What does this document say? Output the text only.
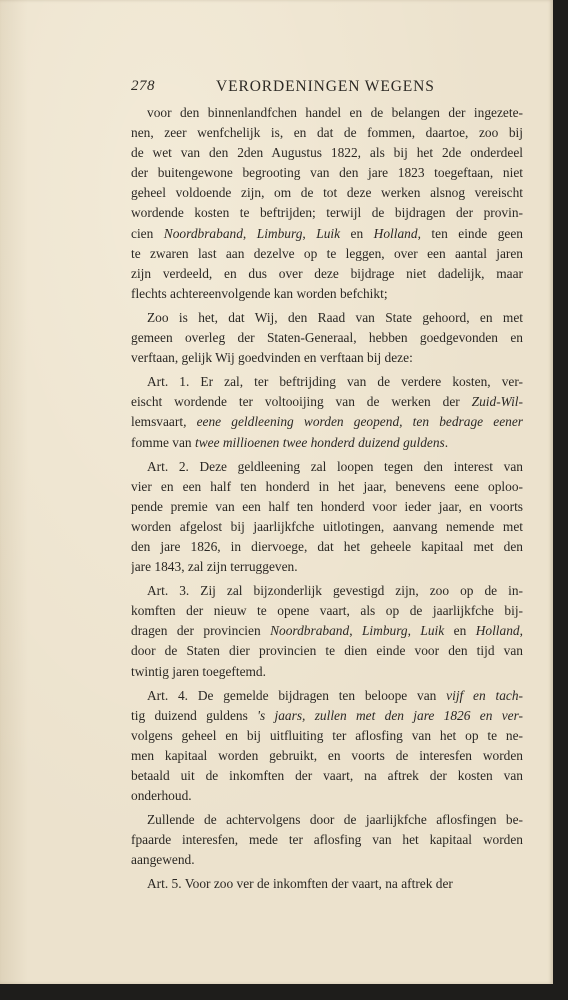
278	VERORDENINGEN WEGENS
voor den binnenlandfchen handel en de belangen der ingezete-
nen, zeer wenfchelijk is, en dat de fommen, daartoe, zoo bij
de wet van den 2den Augustus 1822, als bij het 2de onderdeel
der buitengewone begrooting van den jare 1823 toegeftaan, niet
geheel voldoende zijn, om de tot deze werken alsnog vereischt
wordende kosten te beftrijden; terwijl de bijdragen der provin-
cien Noordbraband, Limburg, Luik en Holland, ten einde geen
te zwaren last aan dezelve op te leggen, over een aantal jaren
zijn verdeeld, en dus over deze bijdrage niet dadelijk, maar
flechts achtereenvolgende kan worden befchikt;
Zoo is het, dat Wij, den Raad van State gehoord, en met
gemeen overleg der Staten-Generaal, hebben goedgevonden en
verftaan, gelijk Wij goedvinden en verftaan bij deze:
Art. 1. Er zal, ter beftrijding van de verdere kosten, ver-
eischt wordende ter voltooijing van de werken der Zuid-Wil-
lemsvaart, eene geldleening worden geopend, ten bedrage eener
fomme van twee millioenen twee honderd duizend guldens.
Art. 2. Deze geldleening zal loopen tegen den interest van
vier en een half ten honderd in het jaar, benevens eene oploo-
pende premie van een half ten honderd voor ieder jaar, en voorts
worden afgelost bij jaarlijkfche uitlotingen, aanvang nemende met
den jare 1826, in diervoege, dat het geheele kapitaal met den
jare 1843, zal zijn terruggeven.
Art. 3. Zij zal bijzonderlijk gevestigd zijn, zoo op de in-
komften der nieuw te opene vaart, als op de jaarlijkfche bij-
dragen der provincien Noordbraband, Limburg, Luik en Holland,
door de Staten dier provincien te dien einde voor den tijd van
twintig jaren toegeftemd.
Art. 4. De gemelde bijdragen ten beloope van vijf en tach-
tig duizend guldens 's jaars, zullen met den jare 1826 en ver-
volgens geheel en bij uitfluiting ter aflosfing van het op te ne-
men kapitaal worden gebruikt, en voorts de interesfen worden
betaald uit de inkomften der vaart, na aftrek der kosten van
onderhoud.
Zullende de achtervolgens door de jaarlijkfche aflosfingen be-
fpaarde interesfen, mede ter aflosfing van het kapitaal worden
aangewend.
Art. 5. Voor zoo ver de inkomften der vaart, na aftrek der
